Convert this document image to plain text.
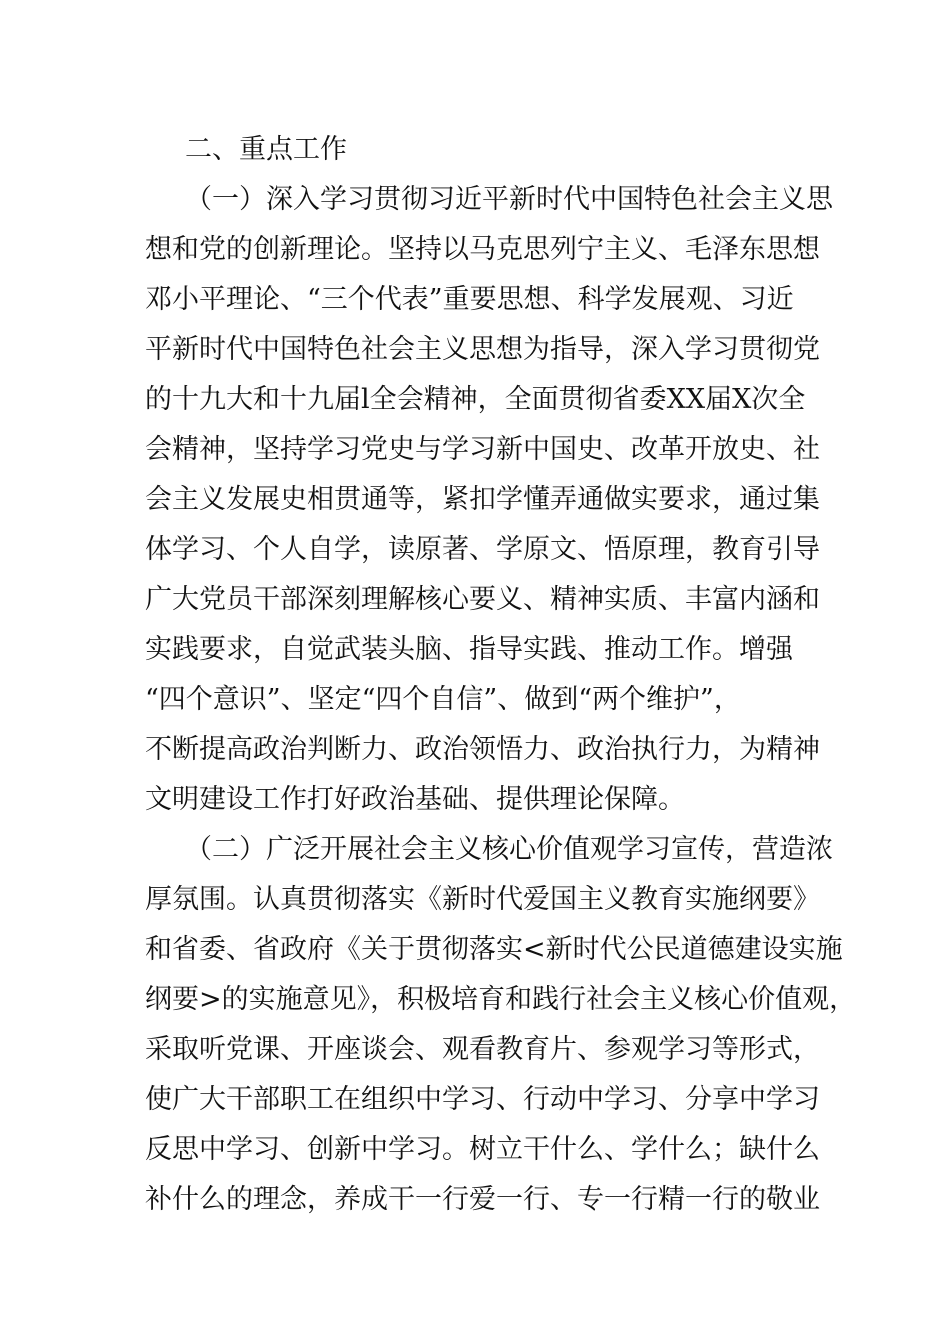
二、重点工作
（一）深入学习贯彻习近平新时代中国特色社会主义思
想和党的创新理论。坚持以马克思列宁主义、毛泽东思想
邓小平理论、“三个代表”重要思想、科学发展观、习近
平新时代中国特色社会主义思想为指导，深入学习贯彻党
的十九大和十九届l全会精神，全面贯彻省委XX届X次全
会精神，坚持学习党史与学习新中国史、改革开放史、社
会主义发展史相贯通等，紧扣学懂弄通做实要求，通过集
体学习、个人自学，读原著、学原文、悟原理，教育引导
广大党员干部深刻理解核心要义、精神实质、丰富内涵和
实践要求，自觉武装头脑、指导实践、推动工作。增强
“四个意识”、坚定“四个自信”、做到“两个维护”，
不断提高政治判断力、政治领悟力、政治执行力，为精神
文明建设工作打好政治基础、提供理论保障。
（二）广泛开展社会主义核心价值观学习宣传，营造浓
厚氛围。认真贯彻落实《新时代爱国主义教育实施纲要》
和省委、省政府《关于贯彻落实<新时代公民道德建设实施
纲要>的实施意见》，积极培育和践行社会主义核心价值观，
采取听党课、开座谈会、观看教育片、参观学习等形式，
使广大干部职工在组织中学习、行动中学习、分享中学习
反思中学习、创新中学习。树立干什么、学什么；缺什么
补什么的理念，养成干一行爱一行、专一行精一行的敬业
